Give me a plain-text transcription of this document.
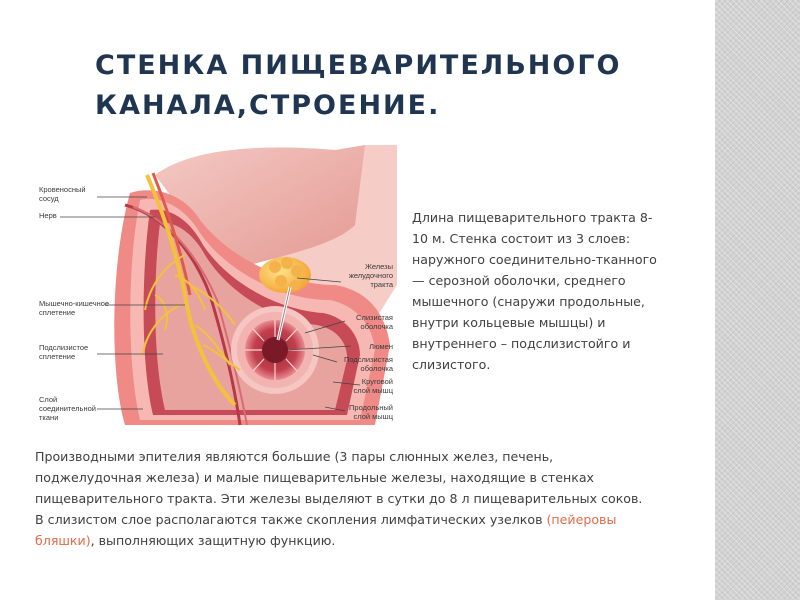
СТЕНКА ПИЩЕВАРИТЕЛЬНОГО
КАНАЛА,СТРОЕНИЕ.
Кровеносный
сосуд
Нерв
Мышечно-кишечное
сплетение
Подслизистое
сплетение
Слой
соединительной
ткани
Железы
желудочного
тракта
Слизистая
оболочка
Люмен
Подслизистая
оболочка
Круговой
слой мышц
Продольный
слой мышц
Длина пищеварительного тракта 8-
10 м. Стенка состоит из 3 слоев:
наружного соединительно-тканного
— серозной оболочки, среднего
мышечного (снаружи продольные,
внутри кольцевые мышцы) и
внутреннего – подслизистойго и
слизистого.
Производными эпителия являются большие (3 пары слюнных желез, печень,
поджелудочная железа) и малые пищеварительные железы, находящие в стенках
пищеварительного тракта. Эти железы выделяют в сутки до 8 л пищеварительных соков.
В слизистом слое располагаются также скопления лимфатических узелков (пейеровы
бляшки), выполняющих защитную функцию.
